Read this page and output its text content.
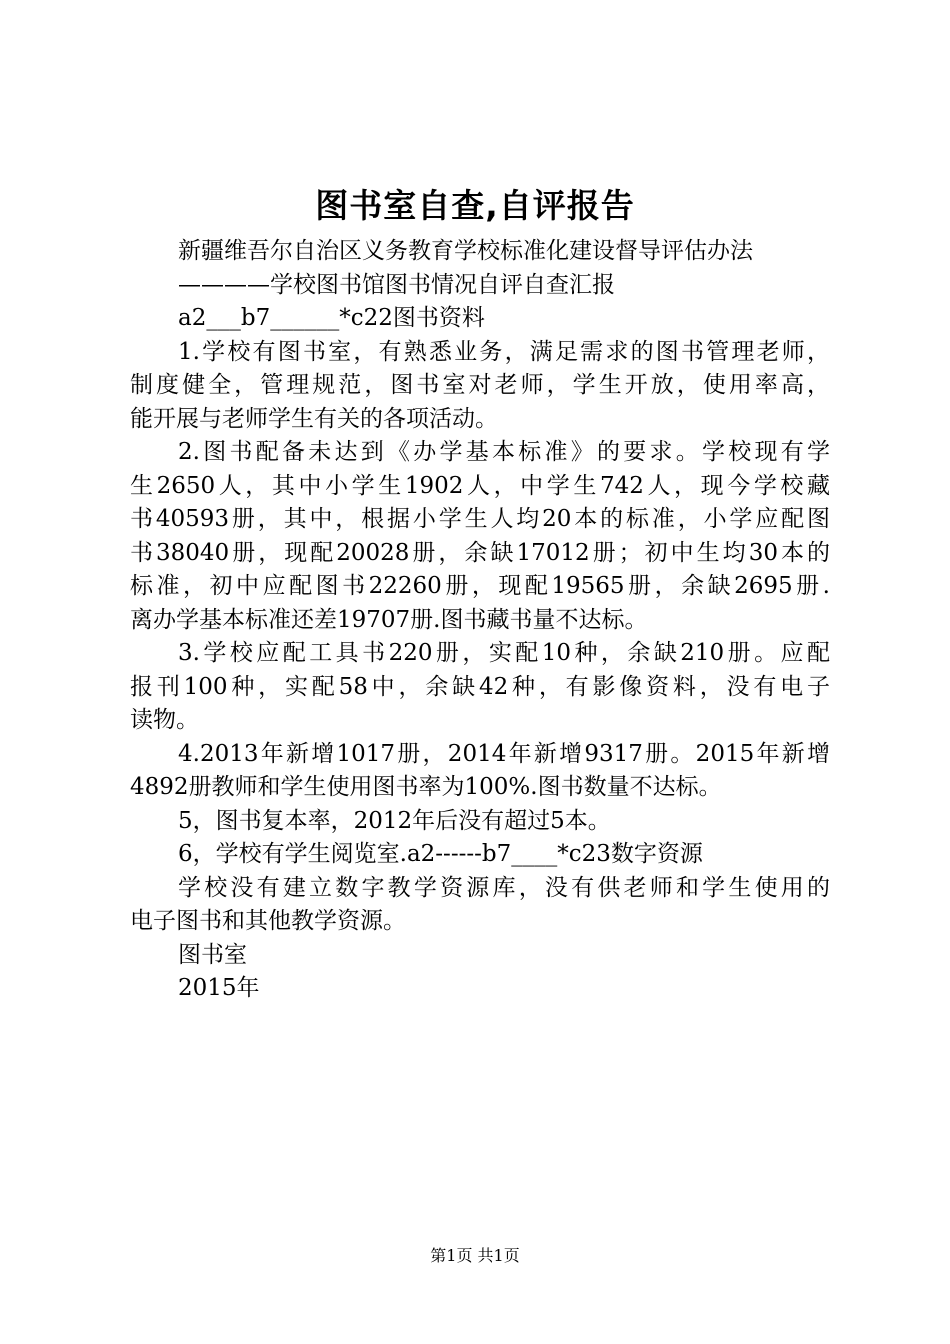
图书室自查,自评报告
新疆维吾尔自治区义务教育学校标准化建设督导评估办法
————学校图书馆图书情况自评自查汇报
a2___b7______*c22图书资料
1.学校有图书室，有熟悉业务，满足需求的图书管理老师，
制度健全，管理规范，图书室对老师，学生开放，使用率高，
能开展与老师学生有关的各项活动。
2.图书配备未达到《办学基本标准》的要求。学校现有学
生2650人，其中小学生1902人，中学生742人，现今学校藏
书40593册，其中，根据小学生人均20本的标准，小学应配图
书38040册，现配20028册，余缺17012册；初中生均30本的
标准，初中应配图书22260册，现配19565册，余缺2695册.
离办学基本标准还差19707册.图书藏书量不达标。
3.学校应配工具书220册，实配10种，余缺210册。应配
报刊100种，实配58中，余缺42种，有影像资料，没有电子
读物。
4.2013年新增1017册，2014年新增9317册。2015年新增
4892册教师和学生使用图书率为100%.图书数量不达标。
5，图书复本率，2012年后没有超过5本。
6，学校有学生阅览室.a2------b7____*c23数字资源
学校没有建立数字教学资源库，没有供老师和学生使用的
电子图书和其他教学资源。
图书室
2015年
第1页 共1页
